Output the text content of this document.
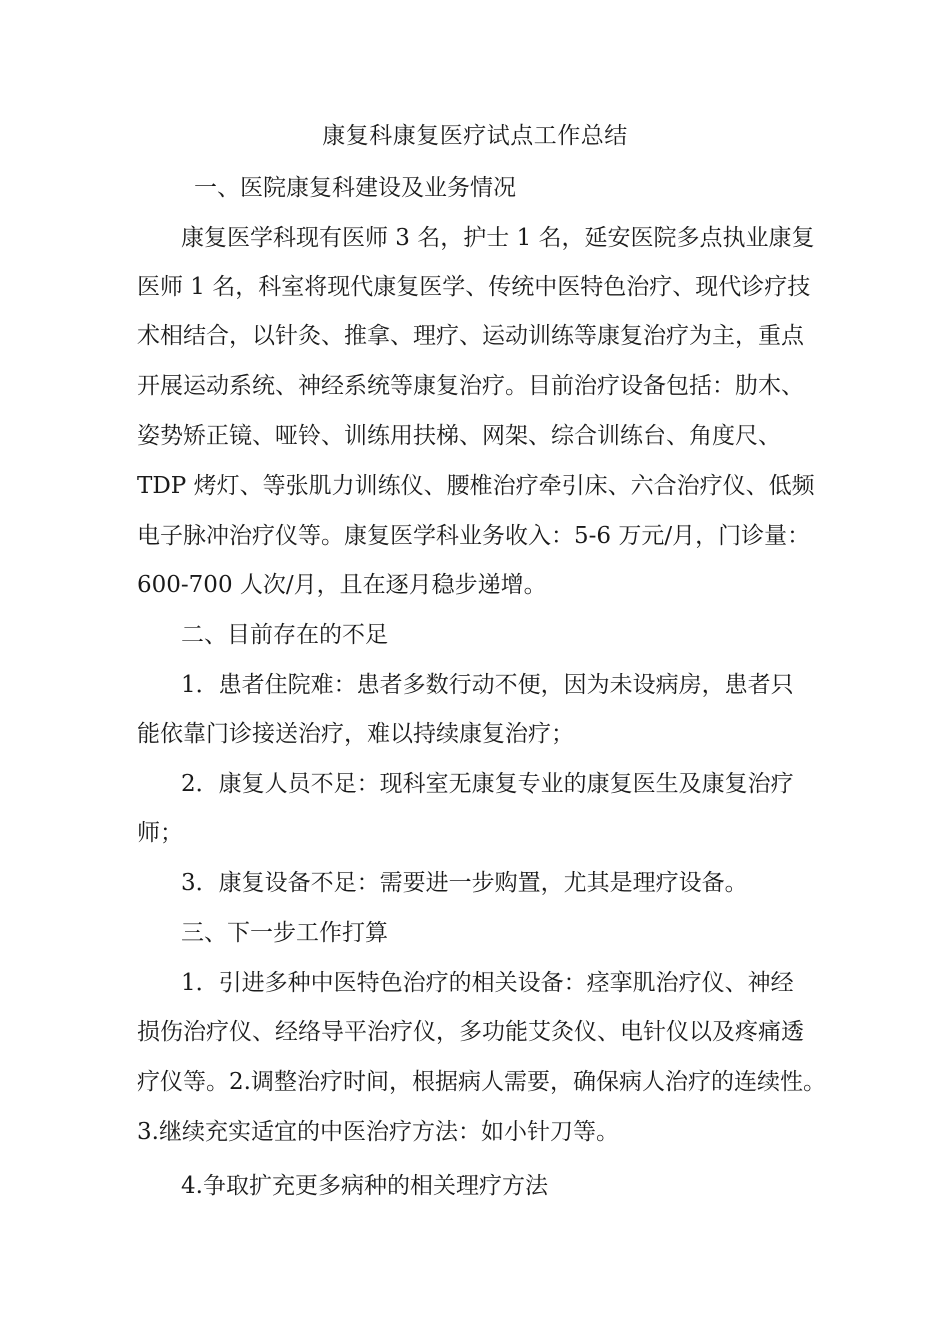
康复科康复医疗试点工作总结
一、医院康复科建设及业务情况
康复医学科现有医师 3 名，护士 1 名，延安医院多点执业康复
医师 1 名，科室将现代康复医学、传统中医特色治疗、现代诊疗技
术相结合，以针灸、推拿、理疗、运动训练等康复治疗为主，重点
开展运动系统、神经系统等康复治疗。目前治疗设备包括：肋木、
姿势矫正镜、哑铃、训练用扶梯、网架、综合训练台、角度尺、
TDP 烤灯、等张肌力训练仪、腰椎治疗牵引床、六合治疗仪、低频
电子脉冲治疗仪等。康复医学科业务收入：5-6 万元/月，门诊量：
600-700 人次/月，且在逐月稳步递增。
二、目前存在的不足
1．患者住院难：患者多数行动不便，因为未设病房，患者只
能依靠门诊接送治疗，难以持续康复治疗；
2．康复人员不足：现科室无康复专业的康复医生及康复治疗
师；
3．康复设备不足：需要进一步购置，尤其是理疗设备。
三、下一步工作打算
1．引进多种中医特色治疗的相关设备：痉挛肌治疗仪、神经
损伤治疗仪、经络导平治疗仪，多功能艾灸仪、电针仪以及疼痛透
疗仪等。2.调整治疗时间，根据病人需要，确保病人治疗的连续性。
3.继续充实适宜的中医治疗方法：如小针刀等。
4.争取扩充更多病种的相关理疗方法
